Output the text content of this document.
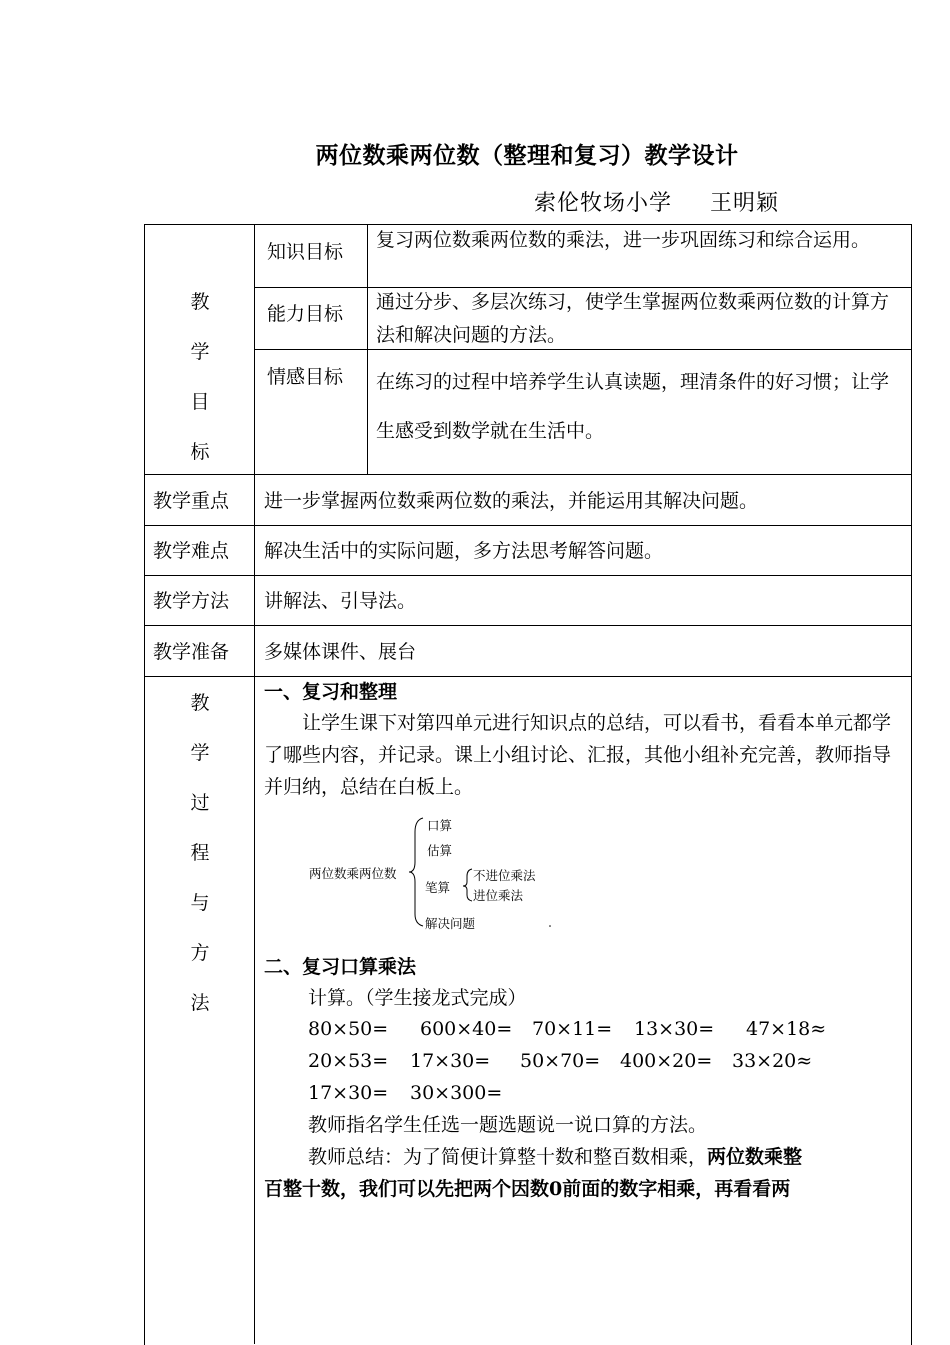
两位数乘两位数（整理和复习）教学设计
索伦牧场小学 王明颖
教
学
目
标
知识目标
复习两位数乘两位数的乘法，进一步巩固练习和综合运用。
能力目标
通过分步、多层次练习，使学生掌握两位数乘两位数的计算方法和解决问题的方法。
情感目标 在练习的过程中培养学生认真读题，理清条件的好习惯；让学生感受到数学就在生活中。
教学重点 进一步掌握两位数乘两位数的乘法，并能运用其解决问题。
教学难点 解决生活中的实际问题，多方法思考解答问题。
教学方法 讲解法、引导法。
教学准备 多媒体课件、展台
教
学
过
程
与
方
法
一、复习和整理
让学生课下对第四单元进行知识点的总结，可以看书，看看本单元都学了哪些内容，并记录。课上小组讨论、汇报，其他小组补充完善，教师指导并归纳，总结在白板上。
两位数乘两位数
口算
估算
笔算
不进位乘法
进位乘法
解决问题
二、复习口算乘法
计算。（学生接龙式完成）
80×50= 600×40= 70×11= 13×30= 47×18≈
20×53= 17×30= 50×70= 400×20= 33×20≈
17×30= 30×300=
教师指名学生任选一题选题说一说口算的方法。
教师总结：为了简便计算整十数和整百数相乘，两位数乘整
百整十数，我们可以先把两个因数0前面的数字相乘，再看看两
